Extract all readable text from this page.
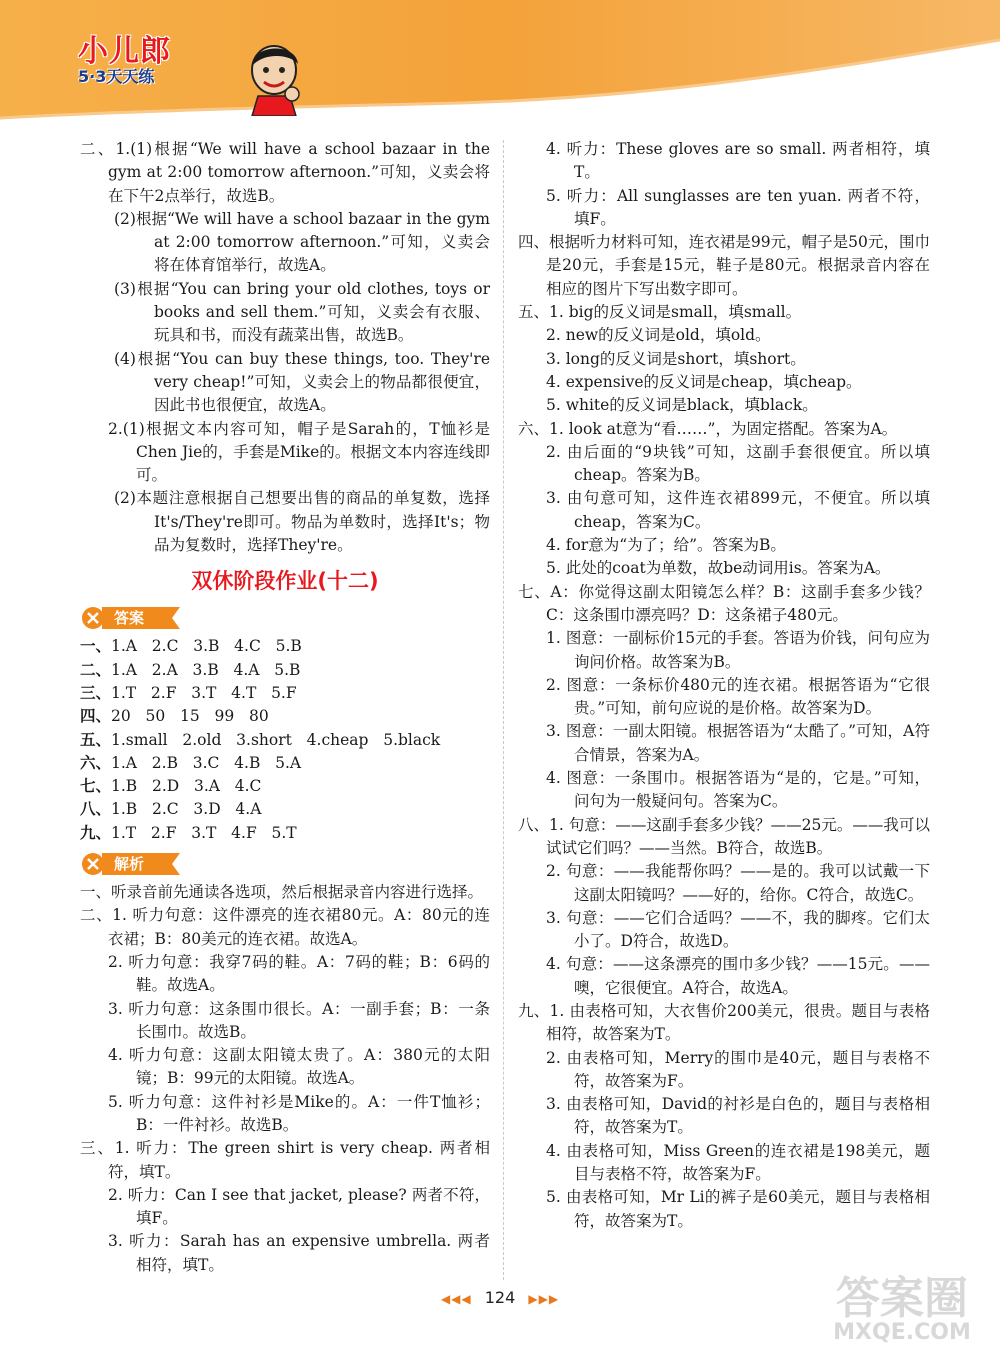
小儿郎
5·3天天练

二、1.(1)根据“We will have a school bazaar in the gym at 2:00 tomorrow afternoon.”可知，义卖会将在下午2点举行，故选B。

(2)根据“We will have a school bazaar in the gym at 2:00 tomorrow afternoon.”可知，义卖会将在体育馆举行，故选A。

(3)根据“You can bring your old clothes, toys or books and sell them.”可知，义卖会有衣服、玩具和书，而没有蔬菜出售，故选B。

(4)根据“You can buy these things, too. They're very cheap!”可知，义卖会上的物品都很便宜，因此书也很便宜，故选A。

2.(1)根据文本内容可知，帽子是Sarah的，T恤衫是Chen Jie的，手套是Mike的。根据文本内容连线即可。

(2)本题注意根据自己想要出售的商品的单复数，选择It's/They're即可。物品为单数时，选择It's；物品为复数时，选择They're。

双休阶段作业(十二)
答案

一、1.A   2.C   3.B   4.C   5.B

二、1.A   2.A   3.B   4.A   5.B

三、1.T   2.F   3.T   4.T   5.F

四、20   50   15   99   80

五、1.small   2.old   3.short   4.cheap   5.black

六、1.A   2.B   3.C   4.B   5.A

七、1.B   2.D   3.A   4.C

八、1.B   2.C   3.D   4.A

九、1.T   2.F   3.T   4.F   5.T

解析

一、听录音前先通读各选项，然后根据录音内容进行选择。

二、1. 听力句意：这件漂亮的连衣裙80元。A：80元的连衣裙；B：80美元的连衣裙。故选A。

2. 听力句意：我穿7码的鞋。A：7码的鞋；B：6码的鞋。故选A。

3. 听力句意：这条围巾很长。A：一副手套；B：一条长围巾。故选B。

4. 听力句意：这副太阳镜太贵了。A：380元的太阳镜；B：99元的太阳镜。故选A。

5. 听力句意：这件衬衫是Mike的。A：一件T恤衫；B：一件衬衫。故选B。

三、1. 听力：The green shirt is very cheap. 两者相符，填T。

2. 听力：Can I see that jacket, please? 两者不符，填F。

3. 听力：Sarah has an expensive umbrella. 两者相符，填T。

4. 听力：These gloves are so small. 两者相符，填T。

5. 听力：All sunglasses are ten yuan. 两者不符，填F。

四、根据听力材料可知，连衣裙是99元，帽子是50元，围巾是20元，手套是15元，鞋子是80元。根据录音内容在相应的图片下写出数字即可。

五、1. big的反义词是small，填small。

2. new的反义词是old，填old。

3. long的反义词是short，填short。

4. expensive的反义词是cheap，填cheap。

5. white的反义词是black，填black。

六、1. look at意为“看……”，为固定搭配。答案为A。

2. 由后面的“9块钱”可知，这副手套很便宜。所以填cheap。答案为B。

3. 由句意可知，这件连衣裙899元，不便宜。所以填cheap，答案为C。

4. for意为“为了；给”。答案为B。

5. 此处的coat为单数，故be动词用is。答案为A。

七、A：你觉得这副太阳镜怎么样？B：这副手套多少钱？C：这条围巾漂亮吗？D：这条裙子480元。

1. 图意：一副标价15元的手套。答语为价钱，问句应为询问价格。故答案为B。

2. 图意：一条标价480元的连衣裙。根据答语为“它很贵。”可知，前句应说的是价格。故答案为D。

3. 图意：一副太阳镜。根据答语为“太酷了。”可知，A符合情景，答案为A。

4. 图意：一条围巾。根据答语为“是的，它是。”可知，问句为一般疑问句。答案为C。

八、1. 句意：——这副手套多少钱？——25元。——我可以试试它们吗？——当然。B符合，故选B。

2. 句意：——我能帮你吗？——是的。我可以试戴一下这副太阳镜吗？——好的，给你。C符合，故选C。

3. 句意：——它们合适吗？——不，我的脚疼。它们太小了。D符合，故选D。

4. 句意：——这条漂亮的围巾多少钱？——15元。——噢，它很便宜。A符合，故选A。

九、1. 由表格可知，大衣售价200美元，很贵。题目与表格相符，故答案为T。

2. 由表格可知，Merry的围巾是40元，题目与表格不符，故答案为F。

3. 由表格可知，David的衬衫是白色的，题目与表格相符，故答案为T。

4. 由表格可知，Miss Green的连衣裙是198美元，题目与表格不符，故答案为F。

5. 由表格可知，Mr Li的裤子是60美元，题目与表格相符，故答案为T。

◀◀◀ 124 ▶▶▶	答案圈
MXQE.COM
